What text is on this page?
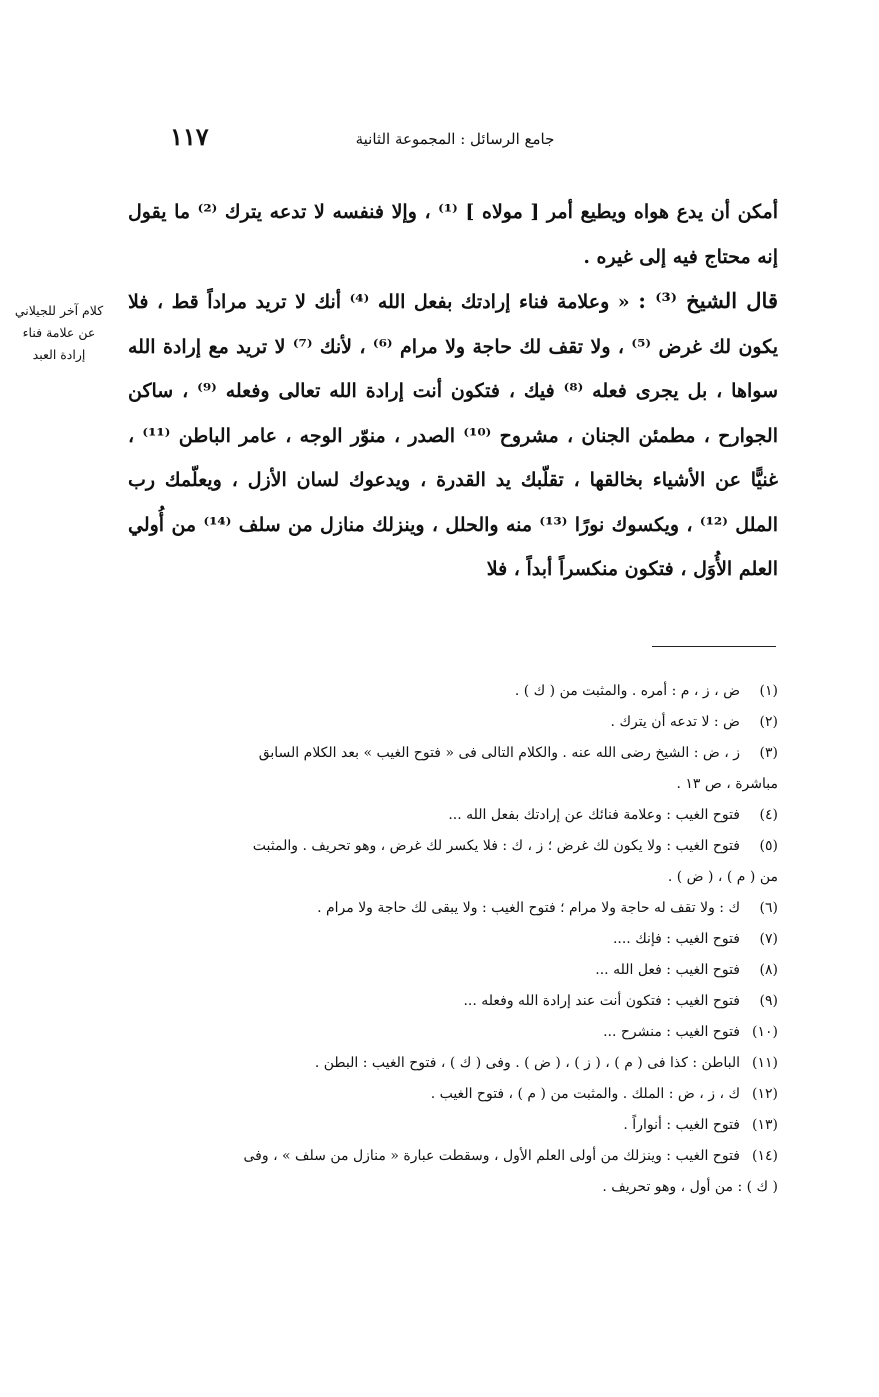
١١٧	جامع الرسائل : المجموعة الثانية
كلام آخر للجيلاني
عن علامة فناء
إرادة العبد

أمكن أن يدع هواه ويطيع أمر [ مولاه ] ⁽¹⁾ ، وإلا فنفسه لا تدعه يترك ⁽²⁾ ما يقول إنه محتاج فيه إلى غيره .

قال الشيخ ⁽³⁾ : « وعلامة فناء إرادتك بفعل الله ⁽⁴⁾ أنك لا تريد مراداً قط ، فلا يكون لك غرض ⁽⁵⁾ ، ولا تقف لك حاجة ولا مرام ⁽⁶⁾ ، لأنك ⁽⁷⁾ لا تريد مع إرادة الله سواها ، بل يجرى فعله ⁽⁸⁾ فيك ، فتكون أنت إرادة الله تعالى وفعله ⁽⁹⁾ ، ساكن الجوارح ، مطمئن الجنان ، مشروح ⁽¹⁰⁾ الصدر ، منوّر الوجه ، عامر الباطن ⁽¹¹⁾ ، غنيًّا عن الأشياء بخالقها ، تقلّبك يد القدرة ، ويدعوك لسان الأزل ، ويعلّمك رب الملل ⁽¹²⁾ ، ويكسوك نورًا ⁽¹³⁾ منه والحلل ، وينزلك منازل من سلف ⁽¹⁴⁾ من أُولي العلم الأُوَل ، فتكون منكسراً أبداً ، فلا

(١)ض ، ز ، م : أمره . والمثبت من ( ك ) .

(٢)ض : لا تدعه أن يترك .

(٣)ز ، ض : الشيخ رضى الله عنه . والكلام التالى فى « فتوح الغيب » بعد الكلام السابق

مباشرة ، ص ١٣ .

(٤)فتوح الغيب : وعلامة فنائك عن إرادتك بفعل الله ...

(٥)فتوح الغيب : ولا يكون لك غرض ؛ ز ، ك : فلا يكسر لك غرض ، وهو تحريف . والمثبت

من ( م ) ، ( ض ) .

(٦)ك : ولا تقف له حاجة ولا مرام ؛ فتوح الغيب : ولا يبقى لك حاجة ولا مرام .

(٧)فتوح الغيب : فإنك ....

(٨)فتوح الغيب : فعل الله ...

(٩)فتوح الغيب : فتكون أنت عند إرادة الله وفعله ...

(١٠)فتوح الغيب : منشرح ...

(١١)الباطن : كذا فى ( م ) ، ( ز ) ، ( ض ) . وفى ( ك ) ، فتوح الغيب : البطن .

(١٢)ك ، ز ، ض : الملك . والمثبت من ( م ) ، فتوح الغيب .

(١٣)فتوح الغيب : أنواراً .

(١٤)فتوح الغيب : وينزلك من أولى العلم الأول ، وسقطت عبارة « منازل من سلف » ، وفى

( ك ) : من أول ، وهو تحريف .
